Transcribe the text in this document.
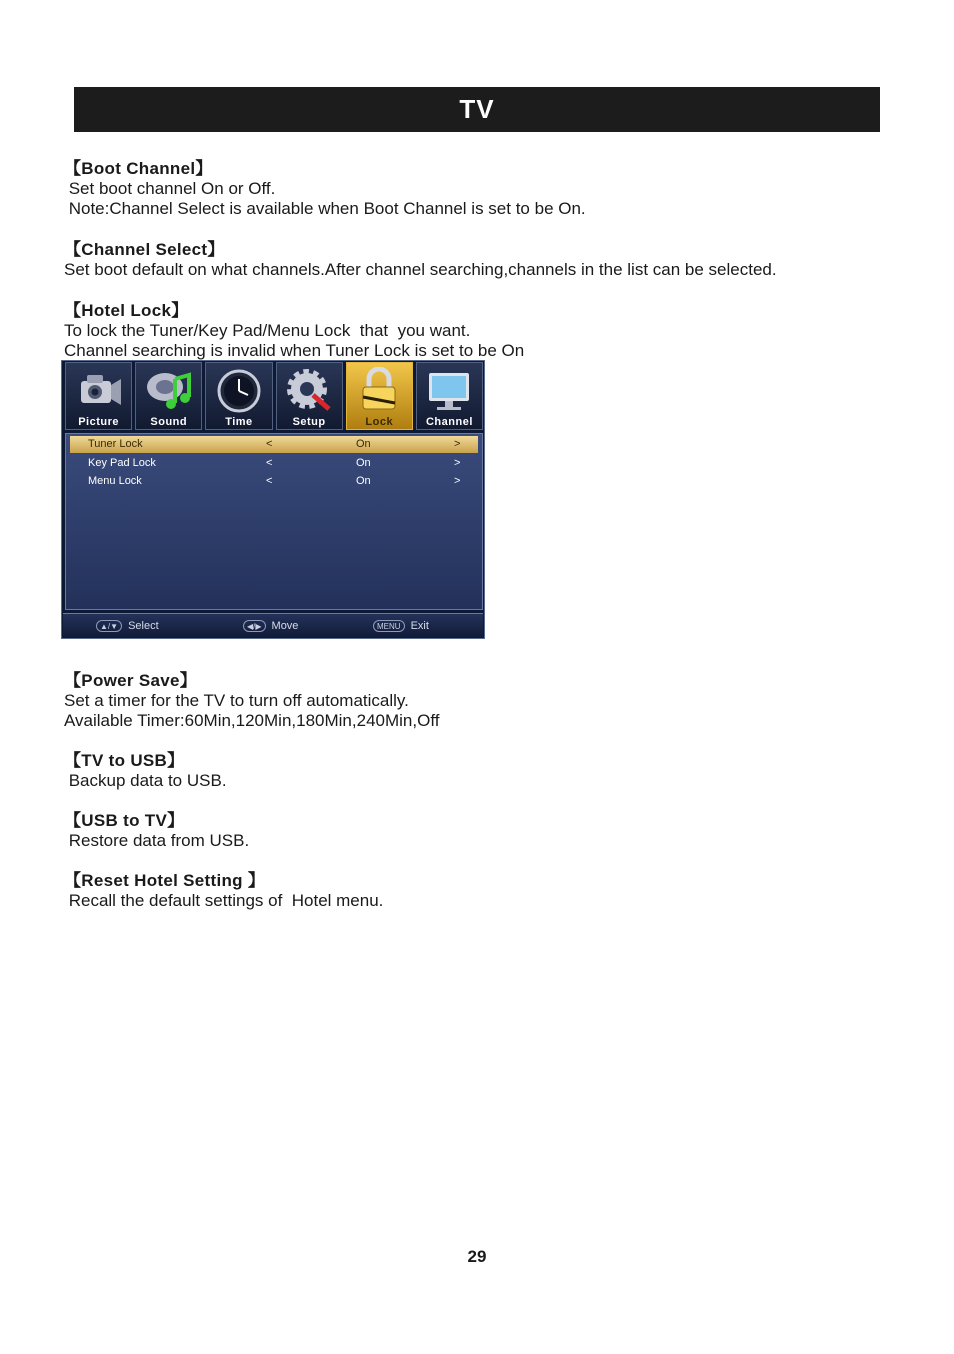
TV
【Boot Channel】
Set boot channel On or Off.
Note:Channel Select is available when Boot Channel is set to be On.
【Channel Select】
Set boot default on what channels.After channel searching,channels in the list can be selected.
【Hotel Lock】
To lock the Tuner/Key Pad/Menu Lock  that  you want.
Channel searching is invalid when Tuner Lock is set to be On
Picture	Sound	Time	Setup	Lock	Channel
Tuner Lock	<	On	>
Key Pad Lock	<	On	>
Menu Lock	<	On	>
▲/▼ Select	◀/▶ Move	MENU Exit
【Power Save】
Set a timer for the TV to turn off automatically.
Available Timer:60Min,120Min,180Min,240Min,Off
【TV to USB】
Backup data to USB.
【USB to TV】
Restore data from USB.
【Reset Hotel Setting 】
Recall the default settings of  Hotel menu.
29
